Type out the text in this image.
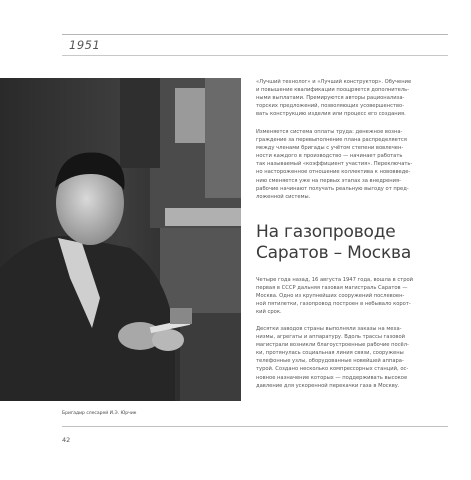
1951
Бригадир слесарей И.Э. Юрчик

«Лучший технолог» и «Лучший конструктор». Обучение

и повышение квалификации поощряется дополнитель-

ными выплатами. Премируются авторы рационализа-

торских предложений, позволяющих усовершенство-

вать конструкцию изделия или процесс его создания.

Изменяется система оплаты труда: денежное возна-

граждение за перевыполнение плана распределяется

между членами бригады с учётом степени вовлечен-

ности каждого в производство — начинает работать

так называемый «коэффициент участия». Переключать-

но настороженное отношение коллектива к нововведе-

нию сменяется уже на первых этапах за внедрения-

рабочие начинают получать реальную выгоду от пред-

ложенной системы.

На газопроводе
Саратов – Москва

Четыре года назад, 16 августа 1947 года, вошла в строй

первая в СССР дальняя газовая магистраль Саратов —

Москва. Одно из крупнейших сооружений послевоен-

ной пятилетки, газопровод построен в небывало корот-

кий срок.

Десятки заводов страны выполняли заказы на меха-

низмы, агрегаты и аппаратуру. Вдоль трассы газовой

магистрали возникли благоустроенные рабочие посёл-

ки, протянулась социальная линия связи, сооружены

телефонные узлы, оборудованные новейшей аппара-

турой. Создано несколько компрессорных станций, ос-

новное назначение которых — поддерживать высокое

давление для ускоренной перекачки газа в Москву.

42
